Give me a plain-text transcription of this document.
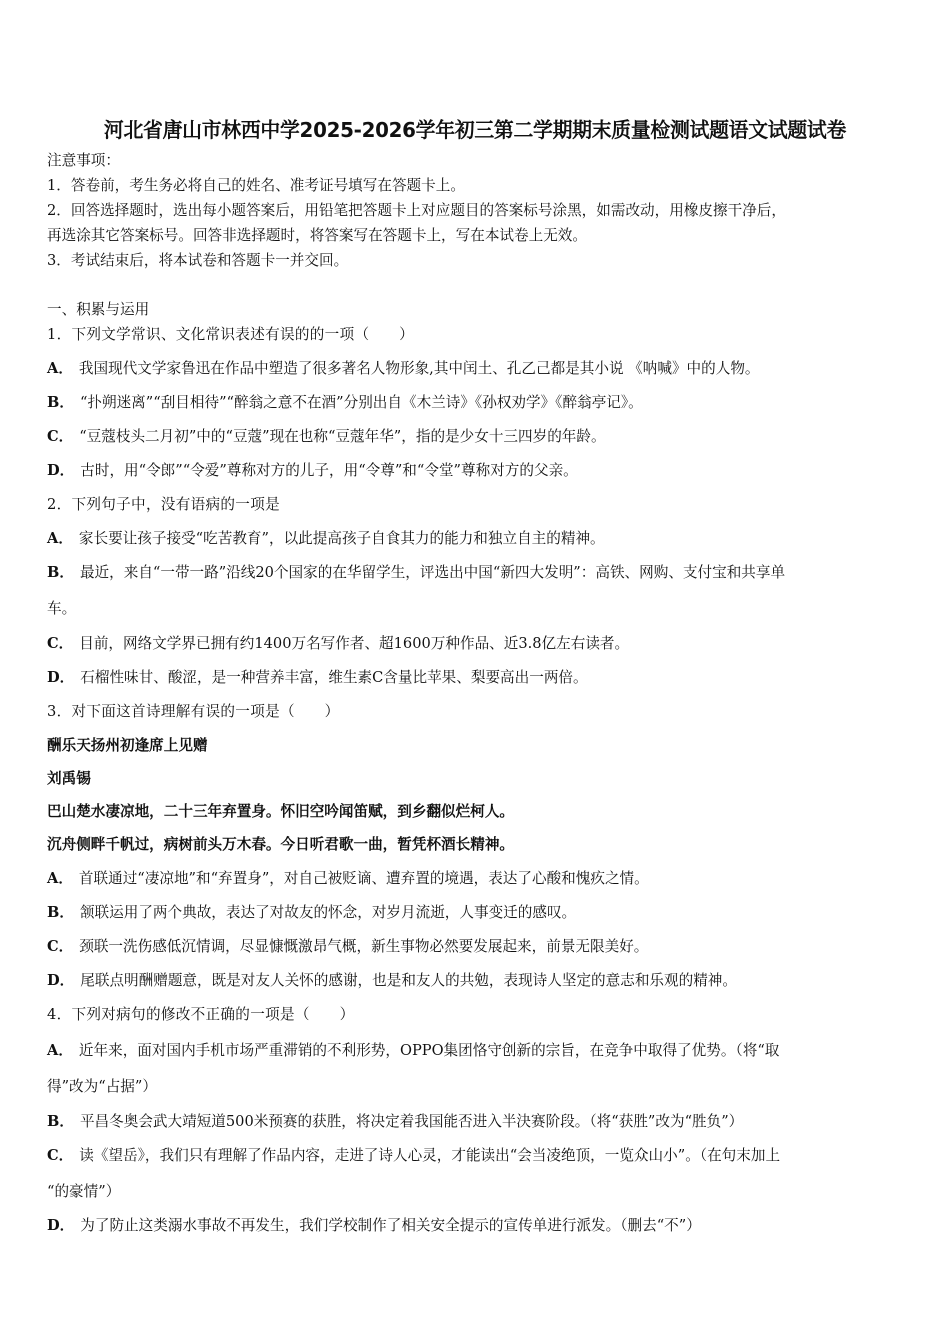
河北省唐山市林西中学2025-2026学年初三第二学期期末质量检测试题语文试题试卷
注意事项：
1．答卷前，考生务必将自己的姓名、准考证号填写在答题卡上。
2．回答选择题时，选出每小题答案后，用铅笔把答题卡上对应题目的答案标号涂黑，如需改动，用橡皮擦干净后，
再选涂其它答案标号。回答非选择题时，将答案写在答题卡上，写在本试卷上无效。
3．考试结束后，将本试卷和答题卡一并交回。
一、积累与运用
1．下列文学常识、文化常识表述有误的的一项（　　）
A． 我国现代文学家鲁迅在作品中塑造了很多著名人物形象,其中闰土、孔乙己都是其小说 《呐喊》中的人物。
B． “扑朔迷离”“刮目相待”“醉翁之意不在酒”分别出自《木兰诗》《孙权劝学》《醉翁亭记》。
C． “豆蔻枝头二月初”中的“豆蔻”现在也称“豆蔻年华”，指的是少女十三四岁的年龄。
D． 古时，用“令郎”“令爱”尊称对方的儿子，用“令尊”和“令堂”尊称对方的父亲。
2．下列句子中，没有语病的一项是
A． 家长要让孩子接受“吃苦教育”，以此提高孩子自食其力的能力和独立自主的精神。
B． 最近，来自“一带一路”沿线20个国家的在华留学生，评选出中国“新四大发明”：高铁、网购、支付宝和共享单
车。
C． 目前，网络文学界已拥有约1400万名写作者、超1600万种作品、近3.8亿左右读者。
D． 石榴性味甘、酸涩，是一种营养丰富，维生素C含量比苹果、梨要高出一两倍。
3．对下面这首诗理解有误的一项是（　　）
酬乐天扬州初逢席上见赠
刘禹锡
巴山楚水凄凉地，二十三年弃置身。怀旧空吟闻笛赋，到乡翻似烂柯人。
沉舟侧畔千帆过，病树前头万木春。今日听君歌一曲，暂凭杯酒长精神。
A． 首联通过“凄凉地”和“弃置身”，对自己被贬谪、遭弃置的境遇，表达了心酸和愧疚之情。
B． 颔联运用了两个典故，表达了对故友的怀念，对岁月流逝，人事变迁的感叹。
C． 颈联一洗伤感低沉情调，尽显慷慨激昂气概，新生事物必然要发展起来，前景无限美好。
D． 尾联点明酬赠题意，既是对友人关怀的感谢，也是和友人的共勉，表现诗人坚定的意志和乐观的精神。
4．下列对病句的修改不正确的一项是（　　）
A． 近年来，面对国内手机市场严重滞销的不利形势，OPPO集团恪守创新的宗旨，在竞争中取得了优势。（将“取
得”改为“占据”）
B． 平昌冬奥会武大靖短道500米预赛的获胜，将决定着我国能否进入半決赛阶段。（将“获胜”改为“胜负”）
C． 读《望岳》，我们只有理解了作品内容，走进了诗人心灵，才能读出“会当凌绝顶，一览众山小”。（在句末加上
“的豪情”）
D． 为了防止这类溺水事故不再发生，我们学校制作了相关安全提示的宣传单进行派发。（删去“不”）
